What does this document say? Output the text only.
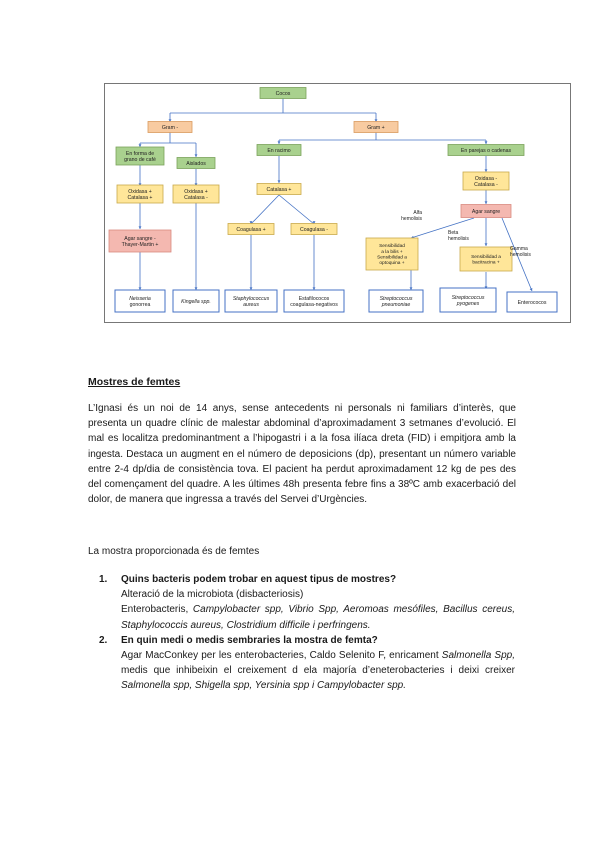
Cocos
Gram -	Gram +
En forma de
grano de café
Aislados
En racimo	En parejas o cadenas
Oxidasa +
Catalasa +
Oxidasa +
Catalasa -
Catalasa +
Oxidasa -
Catalasa -
Agar sangre -
Thayer-Martin +
Coagulasa +	Coagulasa -
Agar sangre
Sensibilidad
a la bilis +
Sensibilidad a
optoquina +
Sensibilidad a
bacitracina +
Neisseria
gonorrea
Kingella spp.
Staphylococcus
aureus
Estafilococos
coagulasa-negativos
Streptococcus
pneumoniae
Streptococcus
pyogenes	Enterococos
Alfa
hemolisis
Beta
hemolisis
Gamma
hemolisis
Mostres de femtes
L’Ignasi és un noi de 14 anys, sense antecedents ni personals ni familiars d’interès, que presenta un quadre clínic de malestar abdominal d’aproximadament 3 setmanes d’evolució. El mal es localitza predominantment a l’hipogastri i a la fosa ilíaca dreta (FID) i empitjora amb la ingesta. Destaca un augment en el número de deposicions (dp), presentant un número variable entre 2-4 dp/dia de consistència tova. El pacient ha perdut aproximadament 12 kg de pes des del començament del quadre. A les últimes 48h presenta febre fins a 38ºC amb exacerbació del dolor, de manera que ingressa a través del Servei d’Urgències.
La mostra proporcionada és de femtes
1.	Quins bacteris podem trobar en aquest tipus de mostres?
Alteració de la microbiota (disbacteriosis)
Enterobacteris, Campylobacter spp, Vibrio Spp, Aeromoas mesófiles, Bacillus cereus, Staphylococcis aureus, Clostridium difficile i perfringens.
2.	En quin medi o medis sembraries la mostra de femta?
Agar MacConkey per les enterobacteries, Caldo Selenito F, enricament Salmonella Spp, medis que inhibeixin el creixement d ela majoría d’eneterobacteries i deixi creixer Salmonella spp, Shigella spp, Yersinia spp i Campylobacter spp.
